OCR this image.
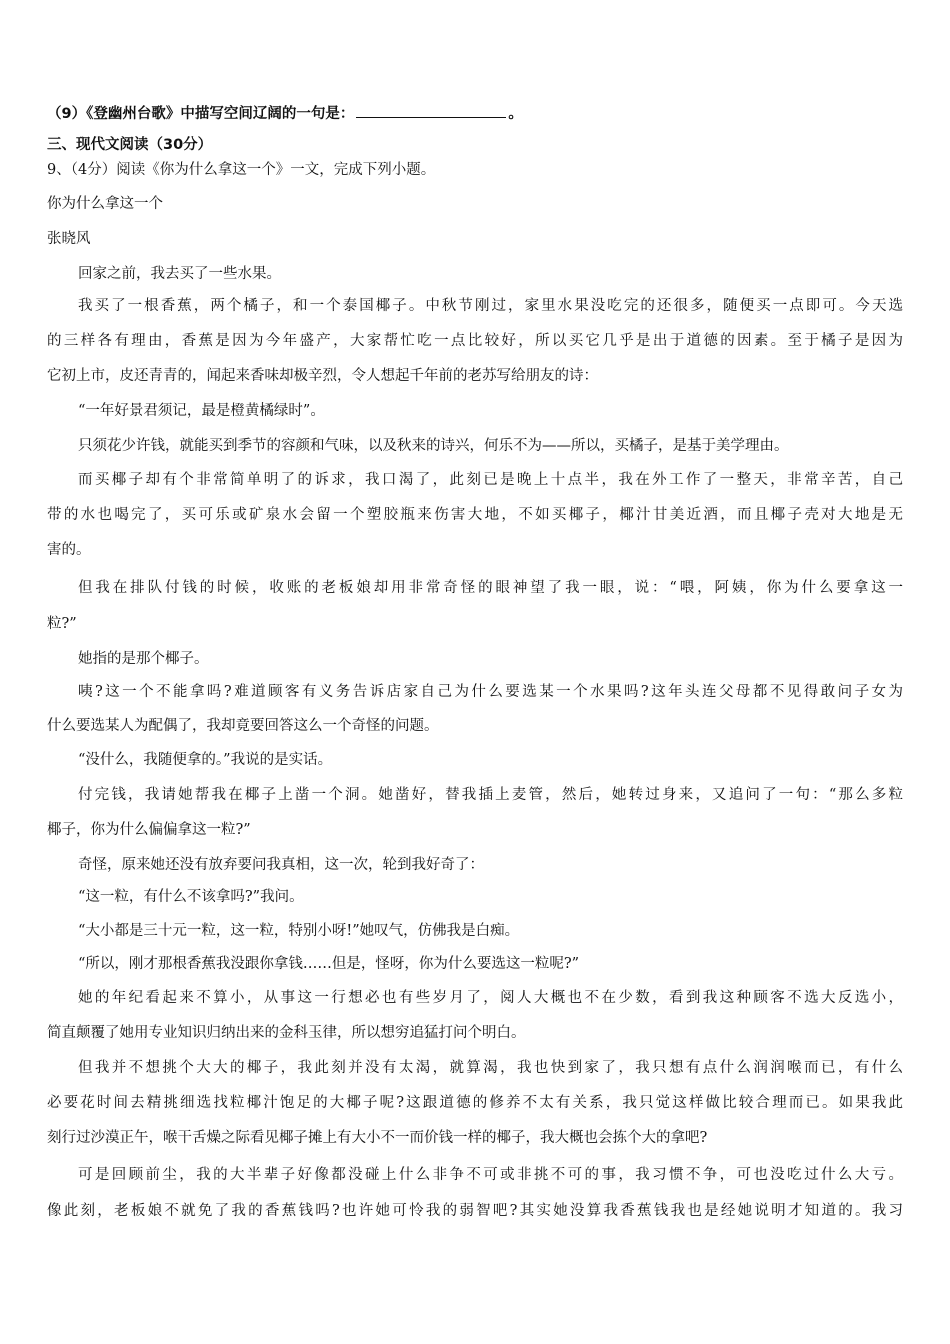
（9）《登幽州台歌》中描写空间辽阔的一句是：	。
三、现代文阅读（30分）
9、（4分）阅读《你为什么拿这一个》一文，完成下列小题。
你为什么拿这一个
张晓风
回家之前，我去买了一些水果。
我买了一根香蕉，两个橘子，和一个泰国椰子。中秋节刚过，家里水果没吃完的还很多，随便买一点即可。今天选
的三样各有理由，香蕉是因为今年盛产，大家帮忙吃一点比较好，所以买它几乎是出于道德的因素。至于橘子是因为
它初上市，皮还青青的，闻起来香味却极辛烈，令人想起千年前的老苏写给朋友的诗：
“一年好景君须记，最是橙黄橘绿时”。
只须花少许钱，就能买到季节的容颜和气味，以及秋来的诗兴，何乐不为——所以，买橘子，是基于美学理由。
而买椰子却有个非常简单明了的诉求，我口渴了，此刻已是晚上十点半，我在外工作了一整天，非常辛苦，自己
带的水也喝完了，买可乐或矿泉水会留一个塑胶瓶来伤害大地，不如买椰子，椰汁甘美近酒，而且椰子壳对大地是无
害的。
但我在排队付钱的时候，收账的老板娘却用非常奇怪的眼神望了我一眼，说：“喂，阿姨，你为什么要拿这一
粒?”
她指的是那个椰子。
咦?这一个不能拿吗?难道顾客有义务告诉店家自己为什么要选某一个水果吗?这年头连父母都不见得敢问子女为
什么要选某人为配偶了，我却竟要回答这么一个奇怪的问题。
“没什么，我随便拿的。”我说的是实话。
付完钱，我请她帮我在椰子上凿一个洞。她凿好，替我插上麦管，然后，她转过身来，又追问了一句：“那么多粒
椰子，你为什么偏偏拿这一粒?”
奇怪，原来她还没有放弃要问我真相，这一次，轮到我好奇了：
“这一粒，有什么不该拿吗?”我问。
“大小都是三十元一粒，这一粒，特别小呀!”她叹气，仿佛我是白痴。
“所以，刚才那根香蕉我没跟你拿钱……但是，怪呀，你为什么要选这一粒呢?”
她的年纪看起来不算小，从事这一行想必也有些岁月了，阅人大概也不在少数，看到我这种顾客不选大反选小，
简直颠覆了她用专业知识归纳出来的金科玉律，所以想穷追猛打问个明白。
但我并不想挑个大大的椰子，我此刻并没有太渴，就算渴，我也快到家了，我只想有点什么润润喉而已，有什么
必要花时间去精挑细选找粒椰汁饱足的大椰子呢?这跟道德的修养不太有关系，我只觉这样做比较合理而已。如果我此
刻行过沙漠正午，喉干舌燥之际看见椰子摊上有大小不一而价钱一样的椰子，我大概也会拣个大的拿吧?
可是回顾前尘，我的大半辈子好像都没碰上什么非争不可或非挑不可的事，我习惯不争，可也没吃过什么大亏。
像此刻，老板娘不就免了我的香蕉钱吗?也许她可怜我的弱智吧?其实她没算我香蕉钱我也是经她说明才知道的。我习
